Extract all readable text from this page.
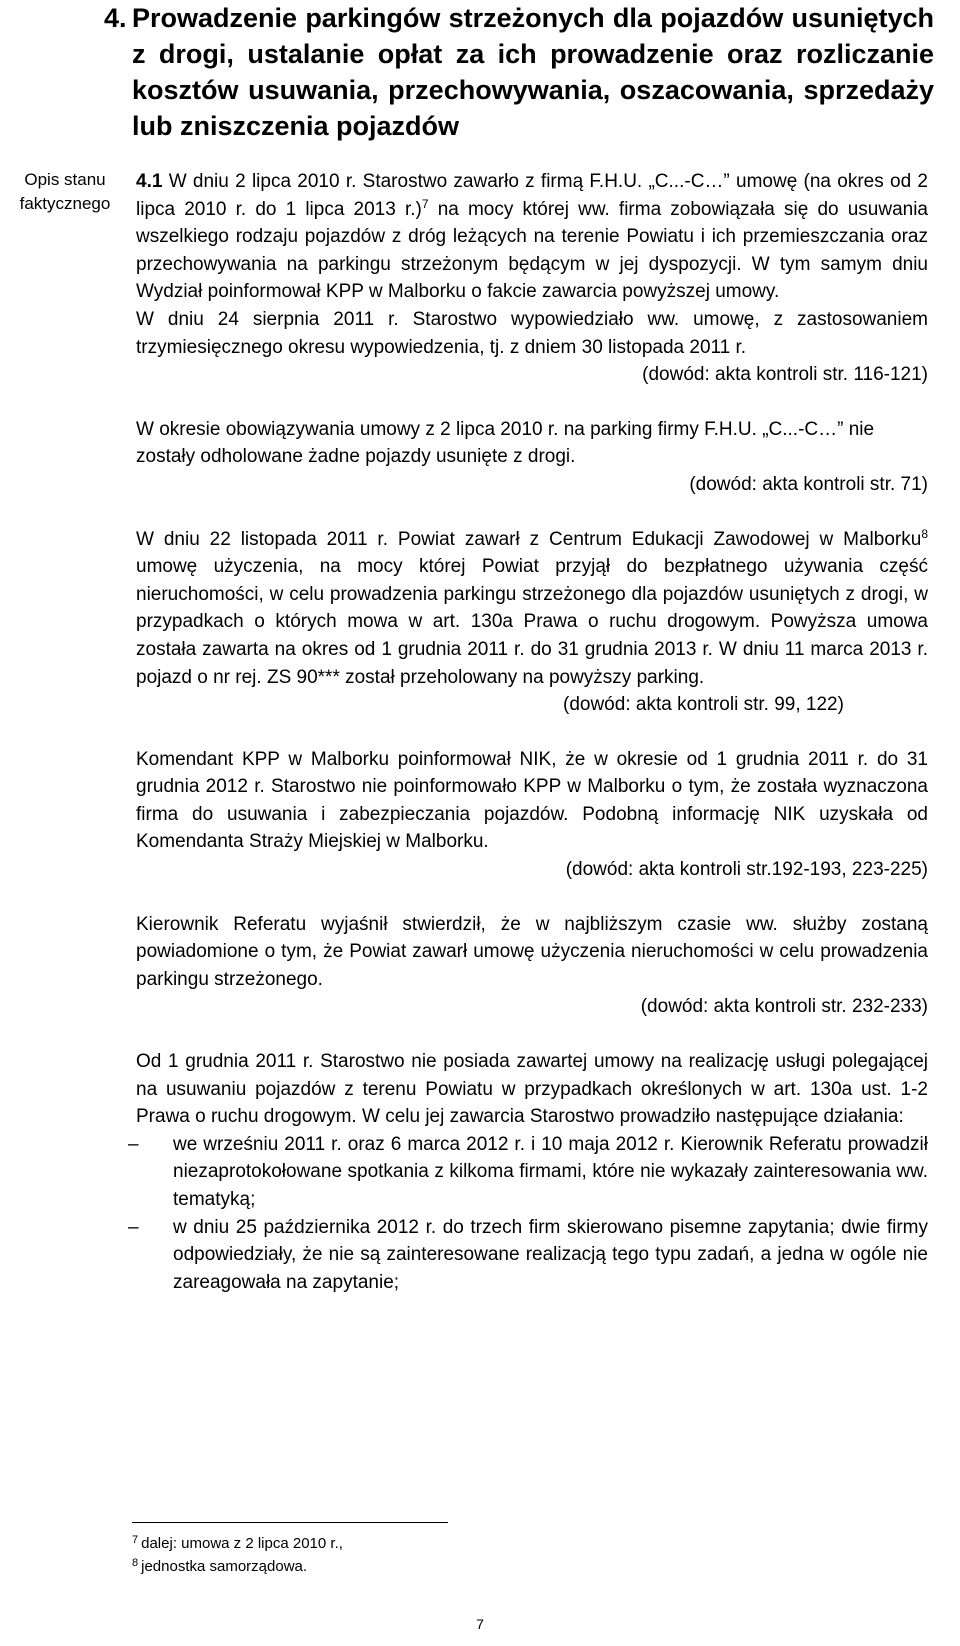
4. Prowadzenie parkingów strzeżonych dla pojazdów usuniętych z drogi, ustalanie opłat za ich prowadzenie oraz rozliczanie kosztów usuwania, przechowywania, oszacowania, sprzedaży lub zniszczenia pojazdów
Opis stanu
faktycznego

4.1 W dniu 2 lipca 2010 r. Starostwo zawarło z firmą F.H.U. „C...-C…” umowę (na okres od 2 lipca 2010 r. do 1 lipca 2013 r.)$^7$ na mocy której ww. firma zobowiązała się do usuwania wszelkiego rodzaju pojazdów z dróg leżących na terenie Powiatu i ich przemieszczania oraz przechowywania na parkingu strzeżonym będącym w jej dyspozycji. W tym samym dniu Wydział poinformował KPP w Malborku o fakcie zawarcia powyższej umowy.

W dniu 24 sierpnia 2011 r. Starostwo wypowiedziało ww. umowę, z zastosowaniem trzymiesięcznego okresu wypowiedzenia, tj. z dniem 30 listopada 2011 r.

(dowód: akta kontroli str. 116-121)

W okresie obowiązywania umowy z 2 lipca 2010 r. na parking firmy F.H.U. „C...-C…” nie zostały odholowane żadne pojazdy usunięte z drogi.

(dowód: akta kontroli str. 71)

W dniu 22 listopada 2011 r. Powiat zawarł z Centrum Edukacji Zawodowej w Malborku$^8$ umowę użyczenia, na mocy której Powiat przyjął do bezpłatnego używania część nieruchomości, w celu prowadzenia parkingu strzeżonego dla pojazdów usuniętych z drogi, w przypadkach o których mowa w art. 130a Prawa o ruchu drogowym. Powyższa umowa została zawarta na okres od 1 grudnia 2011 r. do 31 grudnia 2013 r. W dniu 11 marca 2013 r. pojazd o nr rej. ZS 90*** został przeholowany na powyższy parking.

(dowód: akta kontroli str. 99, 122)

Komendant KPP w Malborku poinformował NIK, że w okresie od 1 grudnia 2011 r. do 31 grudnia 2012 r. Starostwo nie poinformowało KPP w Malborku o tym, że została wyznaczona firma do usuwania i zabezpieczania pojazdów. Podobną informację NIK uzyskała od Komendanta Straży Miejskiej w Malborku.

(dowód: akta kontroli str.192-193, 223-225)

Kierownik Referatu wyjaśnił stwierdził, że w najbliższym czasie ww. służby zostaną powiadomione o tym, że Powiat zawarł umowę użyczenia nieruchomości w celu prowadzenia parkingu strzeżonego.

(dowód: akta kontroli str. 232-233)

Od 1 grudnia 2011 r. Starostwo nie posiada zawartej umowy na realizację usługi polegającej na usuwaniu pojazdów z terenu Powiatu w przypadkach określonych w art. 130a ust. 1-2 Prawa o ruchu drogowym. W celu jej zawarcia Starostwo prowadziło następujące działania:

– we wrześniu 2011 r. oraz 6 marca 2012 r. i 10 maja 2012 r. Kierownik Referatu prowadził niezaprotokołowane spotkania z kilkoma firmami, które nie wykazały zainteresowania ww. tematyką;
– w dniu 25 października 2012 r. do trzech firm skierowano pisemne zapytania; dwie firmy odpowiedziały, że nie są zainteresowane realizacją tego typu zadań, a jedna w ogóle nie zareagowała na zapytanie;

$^7$ dalej: umowa z 2 lipca 2010 r.,

$^8$ jednostka samorządowa.

7
